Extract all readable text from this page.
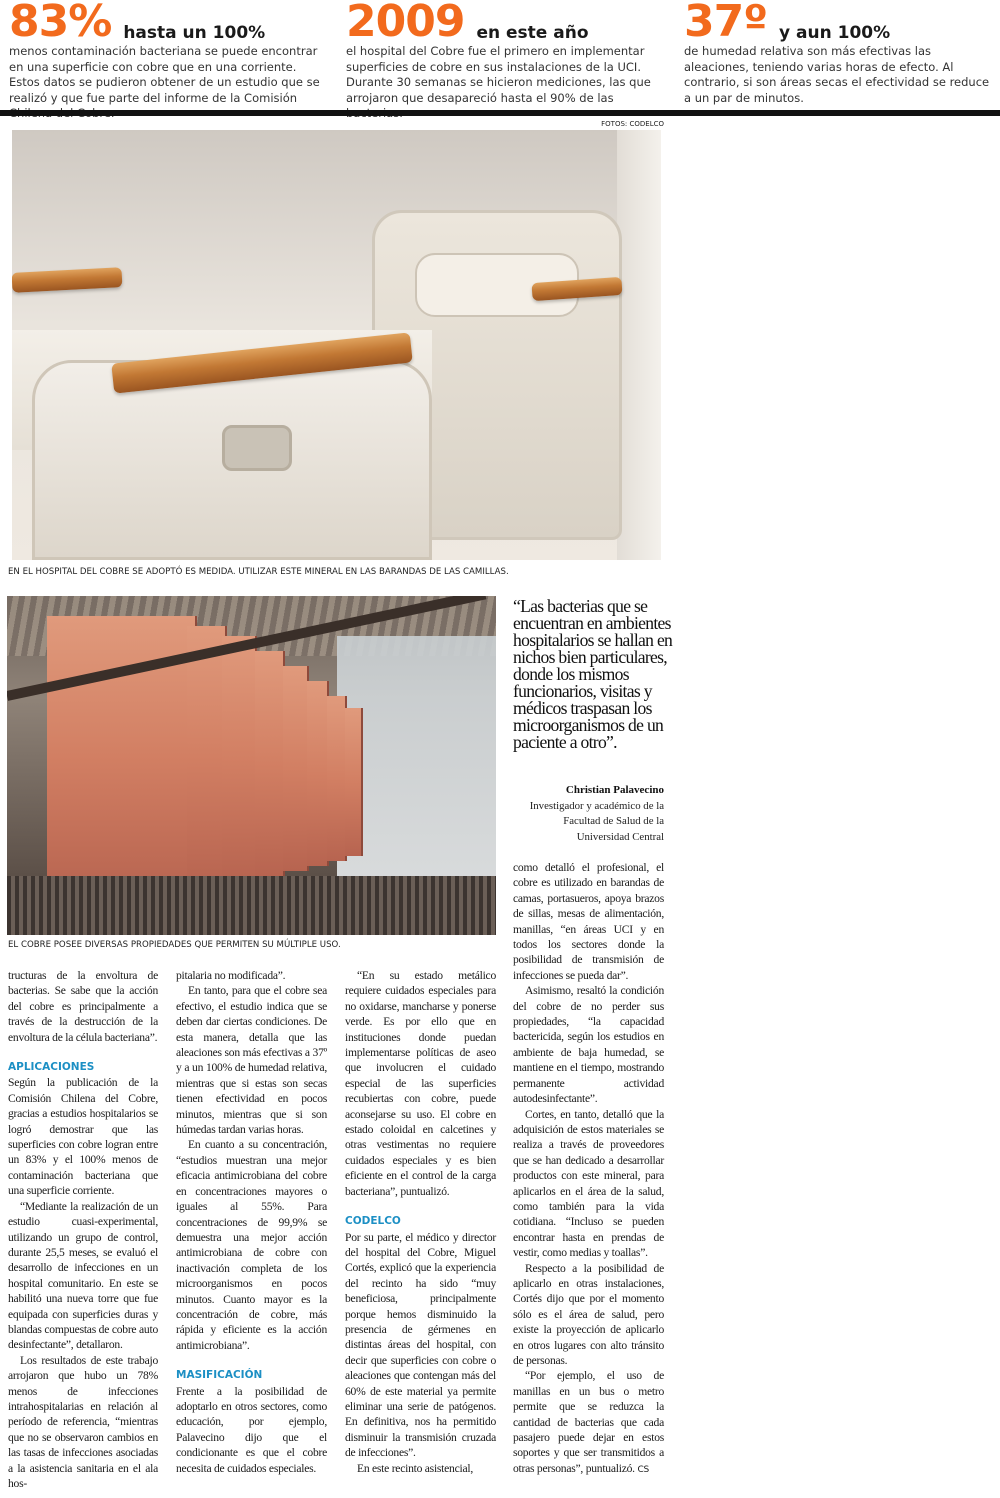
83% hasta un 100%
menos contaminación bacteriana se puede encontrar en una superficie con cobre que en una corriente. Estos datos se pudieron obtener de un estudio que se realizó y que fue parte del informe de la Comisión
2009 en este año
el hospital del Cobre fue el primero en implementar superficies de cobre en sus instalaciones de la UCI. Durante 30 semanas se hicieron mediciones, las que arrojaron que desapareció hasta el 90% de las
37º y aun 100%
de humedad relativa son más efectivas las aleaciones, teniendo varias horas de efecto. Al contrario, si son áreas secas el efectividad se reduce a un par de minutos.
FOTOS: CODELCO
EN EL HOSPITAL DEL COBRE SE ADOPTÓ ES MEDIDA. UTILIZAR ESTE MINERAL EN LAS BARANDAS DE LAS CAMILLAS.
EL COBRE POSEE DIVERSAS PROPIEDADES QUE PERMITEN SU MÚLTIPLE USO.
“Las bacterias que se encuentran en ambientes hospitalarios se hallan en nichos bien particulares, donde los mismos funcionarios, visitas y médicos traspasan los microorganismos de un paciente a otro”.
Christian Palavecino
Investigador y académico de la Facultad de Salud de la Universidad Central

tructuras de la envoltura de bacterias. Se sabe que la acción del cobre es principalmente a través de la destrucción de la envoltura de la célula bacteriana”.

APLICACIONES

Según la publicación de la Comisión Chilena del Cobre, gracias a estudios hospitalarios se logró demostrar que las superficies con cobre logran entre un 83% y el 100% menos de contaminación bacteriana que una superficie corriente.

“Mediante la realización de un estudio cuasi-experimental, utilizando un grupo de control, durante 25,5 meses, se evaluó el desarrollo de infecciones en un hospital comunitario. En este se habilitó una nueva torre que fue equipada con superficies duras y blandas compuestas de cobre auto desinfectante”, detallaron.

Los resultados de este trabajo arrojaron que hubo un 78% menos de infecciones intrahospitalarias en relación al período de referencia, “mientras que no se observaron cambios en las tasas de infecciones asociadas a la asistencia sanitaria en el ala hos-

pitalaria no modificada”.

En tanto, para que el cobre sea efectivo, el estudio indica que se deben dar ciertas condiciones. De esta manera, detalla que las aleaciones son más efectivas a 37º y a un 100% de humedad relativa, mientras que si estas son secas tienen efectividad en pocos minutos, mientras que si son húmedas tardan varias horas.

En cuanto a su concentración, “estudios muestran una mejor eficacia antimicrobiana del cobre en concentraciones mayores o iguales al 55%. Para concentraciones de 99,9% se demuestra una mejor acción antimicrobiana de cobre con inactivación completa de los microorganismos en pocos minutos. Cuanto mayor es la concentración de cobre, más rápida y eficiente es la acción antimicrobiana”.

MASIFICACIÓN

Frente a la posibilidad de adoptarlo en otros sectores, como educación, por ejemplo, Palavecino dijo que el condicionante es que el cobre necesita de cuidados especiales.

“En su estado metálico requiere cuidados especiales para no oxidarse, mancharse y ponerse verde. Es por ello que en instituciones donde puedan implementarse políticas de aseo que involucren el cuidado especial de las superficies recubiertas con cobre, puede aconsejarse su uso. El cobre en estado coloidal en calcetines y otras vestimentas no requiere cuidados especiales y es bien eficiente en el control de la carga bacteriana”, puntualizó.

CODELCO

Por su parte, el médico y director del hospital del Cobre, Miguel Cortés, explicó que la experiencia del recinto ha sido “muy beneficiosa, principalmente porque hemos disminuido la presencia de gérmenes en distintas áreas del hospital, con decir que superficies con cobre o aleaciones que contengan más del 60% de este material ya permite eliminar una serie de patógenos. En definitiva, nos ha permitido disminuir la transmisión cruzada de infecciones”.

En este recinto asistencial,

como detalló el profesional, el cobre es utilizado en barandas de camas, portasueros, apoya brazos de sillas, mesas de alimentación, manillas, “en áreas UCI y en todos los sectores donde la posibilidad de transmisión de infecciones se pueda dar”.

Asimismo, resaltó la condición del cobre de no perder sus propiedades, “la capacidad bactericida, según los estudios en ambiente de baja humedad, se mantiene en el tiempo, mostrando permanente actividad autodesinfectante”.

Cortes, en tanto, detalló que la adquisición de estos materiales se realiza a través de proveedores que se han dedicado a desarrollar productos con este mineral, para aplicarlos en el área de la salud, como también para la vida cotidiana. “Incluso se pueden encontrar hasta en prendas de vestir, como medias y toallas”.

Respecto a la posibilidad de aplicarlo en otras instalaciones, Cortés dijo que por el momento sólo es el área de salud, pero existe la proyección de aplicarlo en otros lugares con alto tránsito de personas.

“Por ejemplo, el uso de manillas en un bus o metro permite que se reduzca la cantidad de bacterias que cada pasajero puede dejar en estos soportes y que ser transmitidos a otras personas”, puntualizó. CS
